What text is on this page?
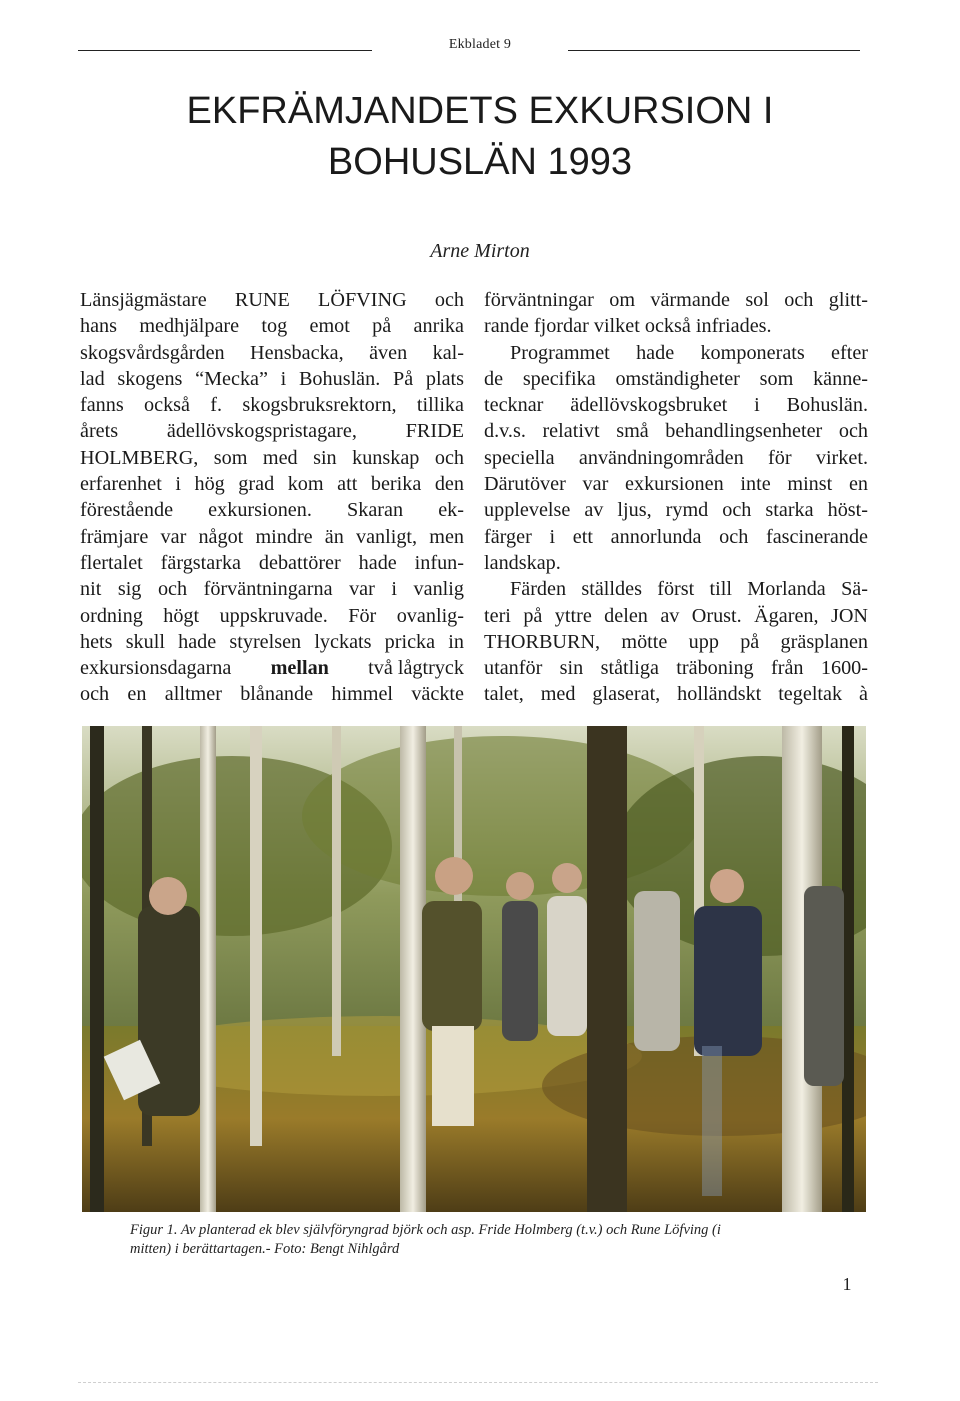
Ekbladet 9
EKFRÄMJANDETS EXKURSION I
BOHUSLÄN 1993
Arne Mirton
Länsjägmästare RUNE LÖFVING och
hans medhjälpare tog emot på anrika
skogsvårdsgården Hensbacka, även kal-
lad skogens “Mecka” i Bohuslän. På plats
fanns också f. skogsbruksrektorn, tillika
årets ädellövskogspristagare, FRIDE
HOLMBERG, som med sin kunskap och
erfarenhet i hög grad kom att berika den
förestående exkursionen. Skaran ek-
främjare var något mindre än vanligt, men
flertalet färgstarka debattörer hade infun-
nit sig och förväntningarna var i vanlig
ordning högt uppskruvade. För ovanlig-
hets skull hade styrelsen lyckats pricka in
exkursionsdagarna mellan två lågtryck
och en alltmer blånande himmel väckte
förväntningar om värmande sol och glitt-
rande fjordar vilket också infriades.
Programmet hade komponerats efter
de specifika omständigheter som känne-
tecknar ädellövskogsbruket i Bohuslän.
d.v.s. relativt små behandlingsenheter och
speciella användningområden för virket.
Därutöver var exkursionen inte minst en
upplevelse av ljus, rymd och starka höst-
färger i ett annorlunda och fascinerande
landskap.
Färden ställdes först till Morlanda Sä-
teri på yttre delen av Orust. Ägaren, JON
THORBURN, mötte upp på gräsplanen
utanför sin ståtliga träboning från 1600-
talet, med glaserat, holländskt tegeltak à
Figur 1. Av planterad ek blev självföryngrad björk och asp. Fride Holmberg (t.v.) och Rune Löfving (i
mitten) i berättartagen.- Foto: Bengt Nihlgård
1
